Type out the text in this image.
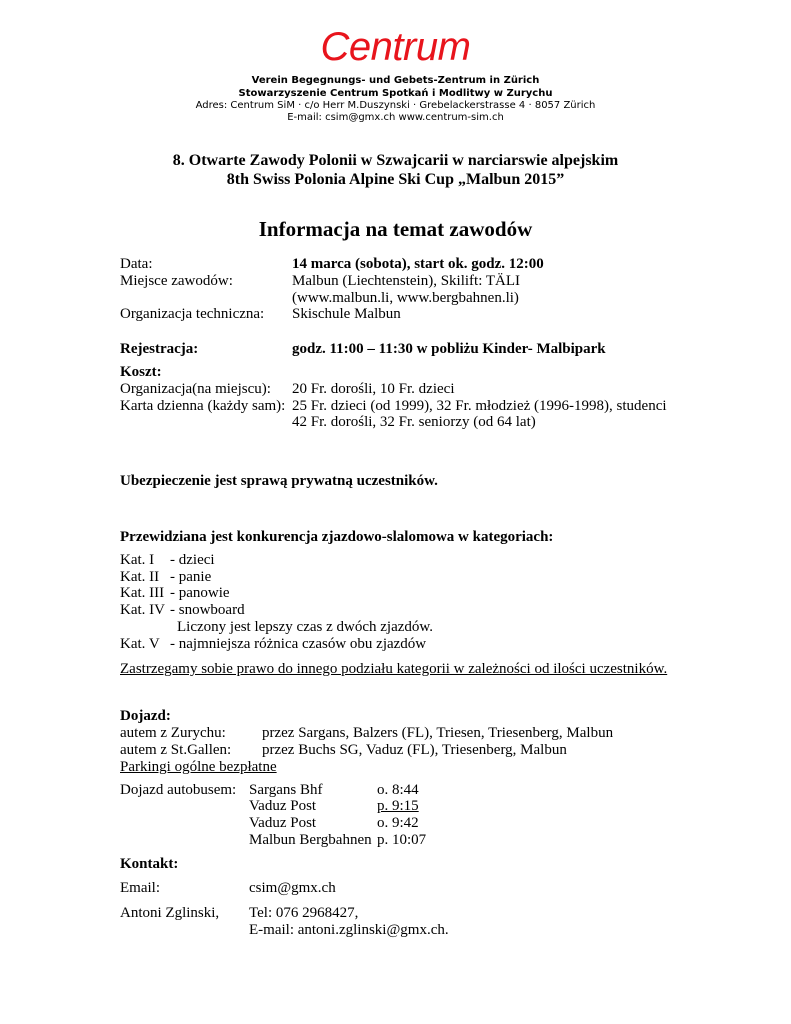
Centrum
Verein Begegnungs- und Gebets-Zentrum in Zürich
Stowarzyszenie Centrum Spotkań i Modlitwy w Zurychu
Adres: Centrum SiM · c/o Herr M.Duszynski · Grebelackerstrasse 4 · 8057 Zürich
E-mail: csim@gmx.ch www.centrum-sim.ch
8. Otwarte Zawody Polonii w Szwajcarii w narciarswie alpejskim
8th Swiss Polonia Alpine Ski Cup „Malbun 2015”
Informacja na temat zawodów
Data:	14 marca (sobota), start ok. godz. 12:00
Miejsce zawodów:	Malbun (Liechtenstein), Skilift: TÄLI
(www.malbun.li, www.bergbahnen.li)
Organizacja techniczna: Skischule Malbun
Rejestracja:	godz. 11:00 – 11:30 w pobliżu Kinder- Malbipark
Koszt:
Organizacja(na miejscu): 20 Fr. dorośli, 10 Fr. dzieci
Karta dzienna (każdy sam): 25 Fr. dzieci (od 1999), 32 Fr. młodzież (1996-1998), studenci
42 Fr. dorośli, 32 Fr. seniorzy (od 64 lat)
Ubezpieczenie jest sprawą prywatną uczestników.
Przewidziana jest konkurencja zjazdowo-slalomowa w kategoriach:
Kat. I - dzieci
Kat. II - panie
Kat. III - panowie
Kat. IV - snowboard
Liczony jest lepszy czas z dwóch zjazdów.
Kat. V - najmniejsza różnica czasów obu zjazdów
Zastrzegamy sobie prawo do innego podziału kategorii w zależności od ilości uczestników.
Dojazd:
autem z Zurychu: przez Sargans, Balzers (FL), Triesen, Triesenberg, Malbun
autem z St.Gallen: przez Buchs SG, Vaduz (FL), Triesenberg, Malbun
Parkingi ogólne bezpłatne
Dojazd autobusem: Sargans Bhf	o. 8:44
Vaduz Post	p. 9:15
Vaduz Post	o. 9:42
Malbun Bergbahnen p. 10:07
Kontakt:
Email:	csim@gmx.ch
Antoni Zglinski, Tel: 076 2968427,
E-mail: antoni.zglinski@gmx.ch.
